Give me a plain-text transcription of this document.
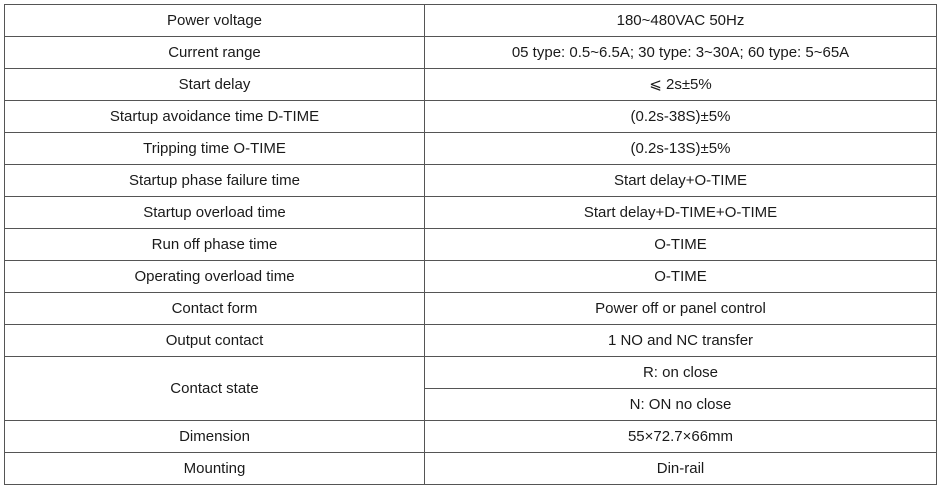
Power voltage	180~480VAC 50Hz
Current range	05 type: 0.5~6.5A; 30 type: 3~30A; 60 type: 5~65A
Start delay	⩽ 2s±5%
Startup avoidance time D-TIME	(0.2s-38S)±5%
Tripping time O-TIME	(0.2s-13S)±5%
Startup phase failure time	Start delay+O-TIME
Startup overload time	Start delay+D-TIME+O-TIME
Run off phase time	O-TIME
Operating overload time	O-TIME
Contact form	Power off or panel control
Output contact	1 NO and NC transfer
Contact state	R: on close
	N: ON no close
Dimension	55×72.7×66mm
Mounting	Din-rail
